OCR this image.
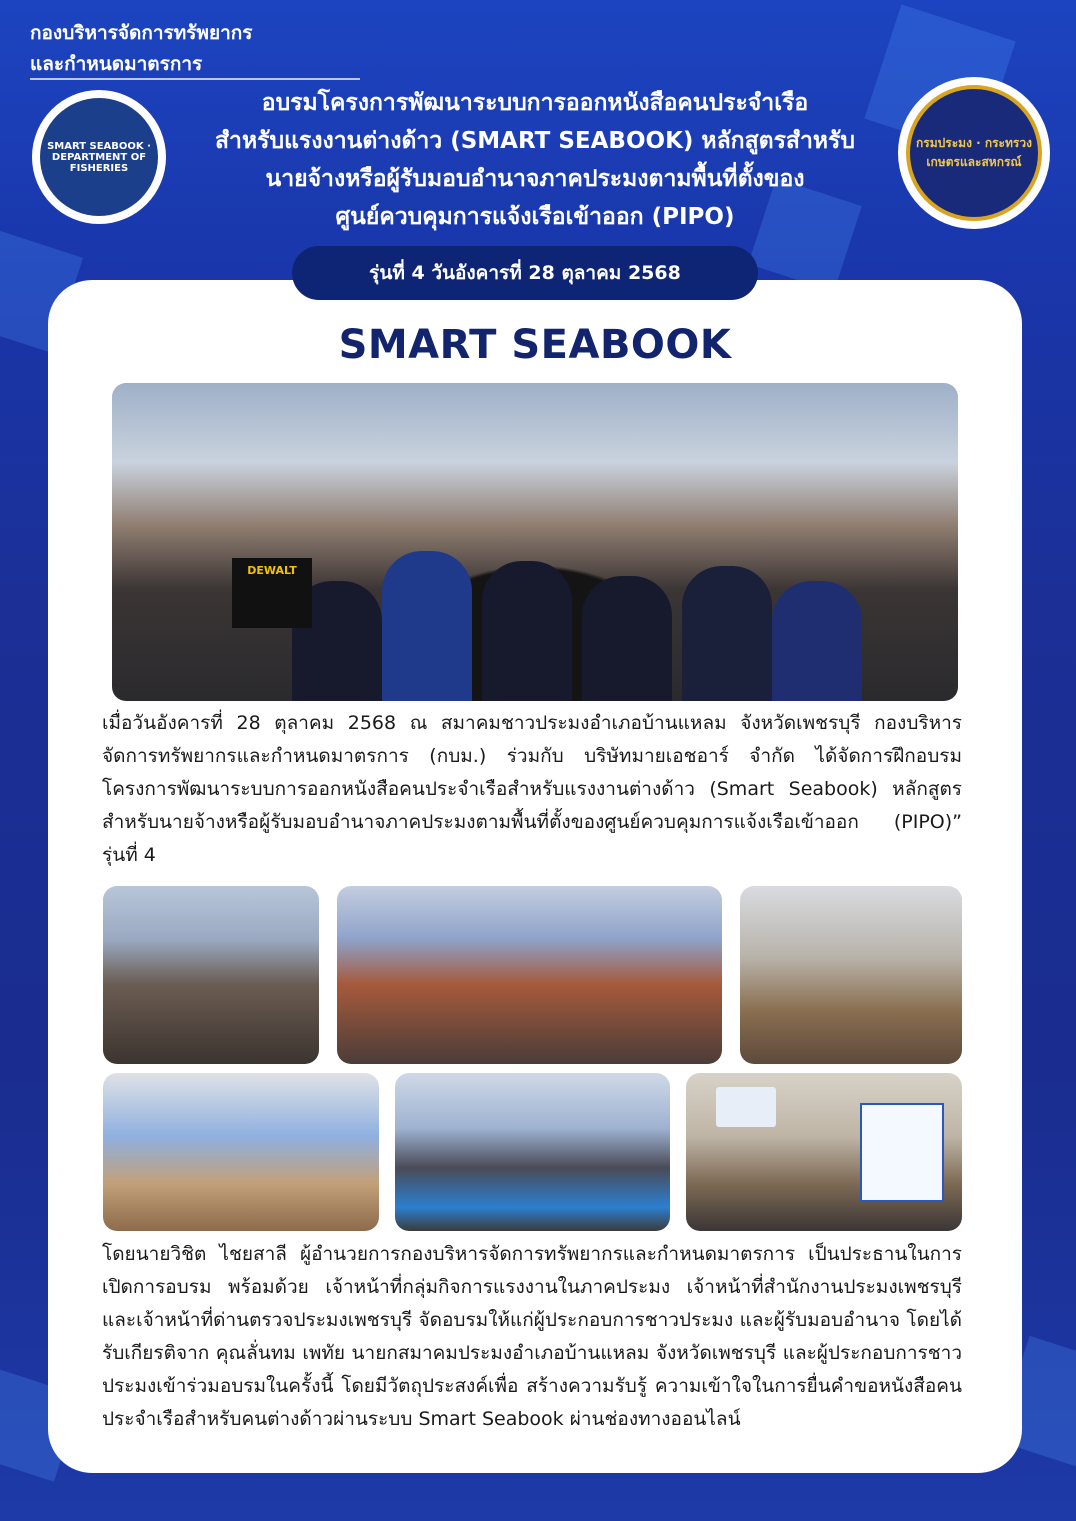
กองบริหารจัดการทรัพยากร
และกำหนดมาตรการ
SMART SEABOOK · DEPARTMENT OF FISHERIES
กรมประมง · กระทรวงเกษตรและสหกรณ์
อบรมโครงการพัฒนาระบบการออกหนังสือคนประจำเรือ
สำหรับแรงงานต่างด้าว (SMART SEABOOK) หลักสูตรสำหรับ
นายจ้างหรือผู้รับมอบอำนาจภาคประมงตามพื้นที่ตั้งของ
ศูนย์ควบคุมการแจ้งเรือเข้าออก (PIPO)
รุ่นที่ 4 วันอังคารที่ 28 ตุลาคม 2568
SMART SEABOOK
DEWALT
เมื่อวันอังคารที่ 28 ตุลาคม 2568 ณ สมาคมชาวประมงอำเภอบ้านแหลม จังหวัดเพชรบุรี กองบริหารจัดการทรัพยากรและกำหนดมาตรการ (กบม.) ร่วมกับ บริษัทมายเอชอาร์ จำกัด ได้จัดการฝึกอบรมโครงการพัฒนาระบบการออกหนังสือคนประจำเรือสำหรับแรงงานต่างด้าว (Smart Seabook) หลักสูตรสำหรับนายจ้างหรือผู้รับมอบอำนาจภาคประมงตามพื้นที่ตั้งของศูนย์ควบคุมการแจ้งเรือเข้าออก (PIPO)” รุ่นที่ 4
โดยนายวิชิต ไชยสาลี ผู้อำนวยการกองบริหารจัดการทรัพยากรและกำหนดมาตรการ เป็นประธานในการเปิดการอบรม พร้อมด้วย เจ้าหน้าที่กลุ่มกิจการแรงงานในภาคประมง เจ้าหน้าที่สำนักงานประมงเพชรบุรี และเจ้าหน้าที่ด่านตรวจประมงเพชรบุรี จัดอบรมให้แก่ผู้ประกอบการชาวประมง และผู้รับมอบอำนาจ โดยได้รับเกียรติจาก คุณลั่นทม เพทัย นายกสมาคมประมงอำเภอบ้านแหลม จังหวัดเพชรบุรี และผู้ประกอบการชาวประมงเข้าร่วมอบรมในครั้งนี้ โดยมีวัตถุประสงค์เพื่อ สร้างความรับรู้ ความเข้าใจในการยื่นคำขอหนังสือคนประจำเรือสำหรับคนต่างด้าวผ่านระบบ Smart Seabook ผ่านช่องทางออนไลน์
